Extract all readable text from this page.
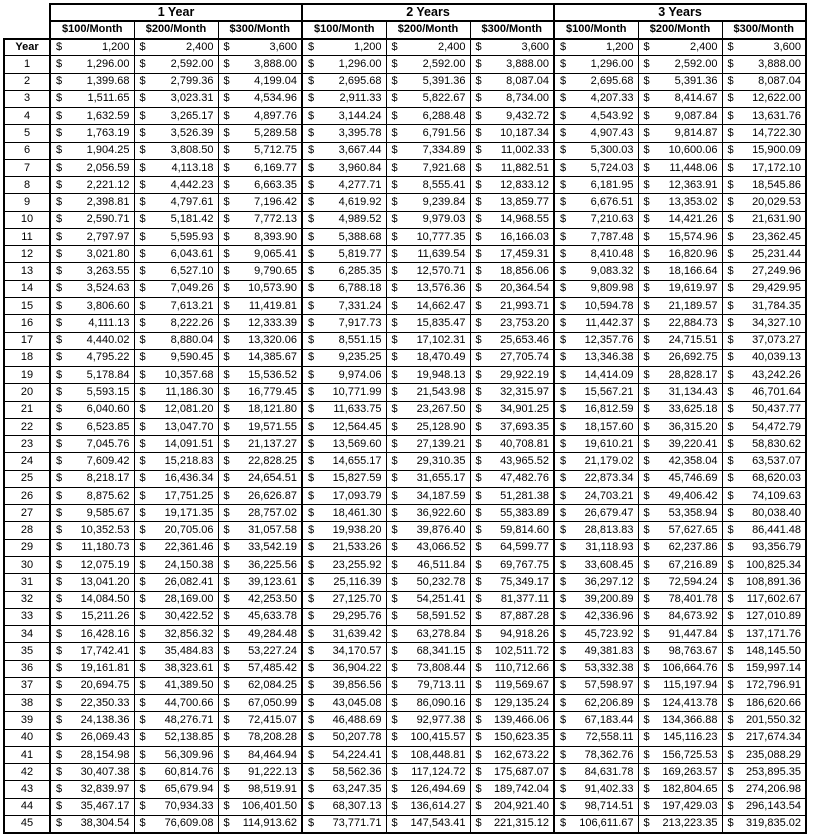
	1 Year			2 Years			3 Years		
	$100/Month	$200/Month	$300/Month	$100/Month	$200/Month	$300/Month	$100/Month	$200/Month	$300/Month
Year	$ 1,200	$ 2,400	$ 3,600	$ 1,200	$ 2,400	$ 3,600	$ 1,200	$ 2,400	$ 3,600
1	$ 1,296.00	$ 2,592.00	$ 3,888.00	$ 1,296.00	$ 2,592.00	$ 3,888.00	$ 1,296.00	$ 2,592.00	$ 3,888.00
2	$ 1,399.68	$ 2,799.36	$ 4,199.04	$ 2,695.68	$ 5,391.36	$ 8,087.04	$ 2,695.68	$ 5,391.36	$ 8,087.04
3	$ 1,511.65	$ 3,023.31	$ 4,534.96	$ 2,911.33	$ 5,822.67	$ 8,734.00	$ 4,207.33	$ 8,414.67	$ 12,622.00
4	$ 1,632.59	$ 3,265.17	$ 4,897.76	$ 3,144.24	$ 6,288.48	$ 9,432.72	$ 4,543.92	$ 9,087.84	$ 13,631.76
5	$ 1,763.19	$ 3,526.39	$ 5,289.58	$ 3,395.78	$ 6,791.56	$ 10,187.34	$ 4,907.43	$ 9,814.87	$ 14,722.30
6	$ 1,904.25	$ 3,808.50	$ 5,712.75	$ 3,667.44	$ 7,334.89	$ 11,002.33	$ 5,300.03	$ 10,600.06	$ 15,900.09
7	$ 2,056.59	$ 4,113.18	$ 6,169.77	$ 3,960.84	$ 7,921.68	$ 11,882.51	$ 5,724.03	$ 11,448.06	$ 17,172.10
8	$ 2,221.12	$ 4,442.23	$ 6,663.35	$ 4,277.71	$ 8,555.41	$ 12,833.12	$ 6,181.95	$ 12,363.91	$ 18,545.86
9	$ 2,398.81	$ 4,797.61	$ 7,196.42	$ 4,619.92	$ 9,239.84	$ 13,859.77	$ 6,676.51	$ 13,353.02	$ 20,029.53
10	$ 2,590.71	$ 5,181.42	$ 7,772.13	$ 4,989.52	$ 9,979.03	$ 14,968.55	$ 7,210.63	$ 14,421.26	$ 21,631.90
11	$ 2,797.97	$ 5,595.93	$ 8,393.90	$ 5,388.68	$ 10,777.35	$ 16,166.03	$ 7,787.48	$ 15,574.96	$ 23,362.45
12	$ 3,021.80	$ 6,043.61	$ 9,065.41	$ 5,819.77	$ 11,639.54	$ 17,459.31	$ 8,410.48	$ 16,820.96	$ 25,231.44
13	$ 3,263.55	$ 6,527.10	$ 9,790.65	$ 6,285.35	$ 12,570.71	$ 18,856.06	$ 9,083.32	$ 18,166.64	$ 27,249.96
14	$ 3,524.63	$ 7,049.26	$ 10,573.90	$ 6,788.18	$ 13,576.36	$ 20,364.54	$ 9,809.98	$ 19,619.97	$ 29,429.95
15	$ 3,806.60	$ 7,613.21	$ 11,419.81	$ 7,331.24	$ 14,662.47	$ 21,993.71	$ 10,594.78	$ 21,189.57	$ 31,784.35
16	$ 4,111.13	$ 8,222.26	$ 12,333.39	$ 7,917.73	$ 15,835.47	$ 23,753.20	$ 11,442.37	$ 22,884.73	$ 34,327.10
17	$ 4,440.02	$ 8,880.04	$ 13,320.06	$ 8,551.15	$ 17,102.31	$ 25,653.46	$ 12,357.76	$ 24,715.51	$ 37,073.27
18	$ 4,795.22	$ 9,590.45	$ 14,385.67	$ 9,235.25	$ 18,470.49	$ 27,705.74	$ 13,346.38	$ 26,692.75	$ 40,039.13
19	$ 5,178.84	$ 10,357.68	$ 15,536.52	$ 9,974.06	$ 19,948.13	$ 29,922.19	$ 14,414.09	$ 28,828.17	$ 43,242.26
20	$ 5,593.15	$ 11,186.30	$ 16,779.45	$ 10,771.99	$ 21,543.98	$ 32,315.97	$ 15,567.21	$ 31,134.43	$ 46,701.64
21	$ 6,040.60	$ 12,081.20	$ 18,121.80	$ 11,633.75	$ 23,267.50	$ 34,901.25	$ 16,812.59	$ 33,625.18	$ 50,437.77
22	$ 6,523.85	$ 13,047.70	$ 19,571.55	$ 12,564.45	$ 25,128.90	$ 37,693.35	$ 18,157.60	$ 36,315.20	$ 54,472.79
23	$ 7,045.76	$ 14,091.51	$ 21,137.27	$ 13,569.60	$ 27,139.21	$ 40,708.81	$ 19,610.21	$ 39,220.41	$ 58,830.62
24	$ 7,609.42	$ 15,218.83	$ 22,828.25	$ 14,655.17	$ 29,310.35	$ 43,965.52	$ 21,179.02	$ 42,358.04	$ 63,537.07
25	$ 8,218.17	$ 16,436.34	$ 24,654.51	$ 15,827.59	$ 31,655.17	$ 47,482.76	$ 22,873.34	$ 45,746.69	$ 68,620.03
26	$ 8,875.62	$ 17,751.25	$ 26,626.87	$ 17,093.79	$ 34,187.59	$ 51,281.38	$ 24,703.21	$ 49,406.42	$ 74,109.63
27	$ 9,585.67	$ 19,171.35	$ 28,757.02	$ 18,461.30	$ 36,922.60	$ 55,383.89	$ 26,679.47	$ 53,358.94	$ 80,038.40
28	$ 10,352.53	$ 20,705.06	$ 31,057.58	$ 19,938.20	$ 39,876.40	$ 59,814.60	$ 28,813.83	$ 57,627.65	$ 86,441.48
29	$ 11,180.73	$ 22,361.46	$ 33,542.19	$ 21,533.26	$ 43,066.52	$ 64,599.77	$ 31,118.93	$ 62,237.86	$ 93,356.79
30	$ 12,075.19	$ 24,150.38	$ 36,225.56	$ 23,255.92	$ 46,511.84	$ 69,767.75	$ 33,608.45	$ 67,216.89	$ 100,825.34
31	$ 13,041.20	$ 26,082.41	$ 39,123.61	$ 25,116.39	$ 50,232.78	$ 75,349.17	$ 36,297.12	$ 72,594.24	$ 108,891.36
32	$ 14,084.50	$ 28,169.00	$ 42,253.50	$ 27,125.70	$ 54,251.41	$ 81,377.11	$ 39,200.89	$ 78,401.78	$ 117,602.67
33	$ 15,211.26	$ 30,422.52	$ 45,633.78	$ 29,295.76	$ 58,591.52	$ 87,887.28	$ 42,336.96	$ 84,673.92	$ 127,010.89
34	$ 16,428.16	$ 32,856.32	$ 49,284.48	$ 31,639.42	$ 63,278.84	$ 94,918.26	$ 45,723.92	$ 91,447.84	$ 137,171.76
35	$ 17,742.41	$ 35,484.83	$ 53,227.24	$ 34,170.57	$ 68,341.15	$ 102,511.72	$ 49,381.83	$ 98,763.67	$ 148,145.50
36	$ 19,161.81	$ 38,323.61	$ 57,485.42	$ 36,904.22	$ 73,808.44	$ 110,712.66	$ 53,332.38	$ 106,664.76	$ 159,997.14
37	$ 20,694.75	$ 41,389.50	$ 62,084.25	$ 39,856.56	$ 79,713.11	$ 119,569.67	$ 57,598.97	$ 115,197.94	$ 172,796.91
38	$ 22,350.33	$ 44,700.66	$ 67,050.99	$ 43,045.08	$ 86,090.16	$ 129,135.24	$ 62,206.89	$ 124,413.78	$ 186,620.66
39	$ 24,138.36	$ 48,276.71	$ 72,415.07	$ 46,488.69	$ 92,977.38	$ 139,466.06	$ 67,183.44	$ 134,366.88	$ 201,550.32
40	$ 26,069.43	$ 52,138.85	$ 78,208.28	$ 50,207.78	$ 100,415.57	$ 150,623.35	$ 72,558.11	$ 145,116.23	$ 217,674.34
41	$ 28,154.98	$ 56,309.96	$ 84,464.94	$ 54,224.41	$ 108,448.81	$ 162,673.22	$ 78,362.76	$ 156,725.53	$ 235,088.29
42	$ 30,407.38	$ 60,814.76	$ 91,222.13	$ 58,562.36	$ 117,124.72	$ 175,687.07	$ 84,631.78	$ 169,263.57	$ 253,895.35
43	$ 32,839.97	$ 65,679.94	$ 98,519.91	$ 63,247.35	$ 126,494.69	$ 189,742.04	$ 91,402.33	$ 182,804.65	$ 274,206.98
44	$ 35,467.17	$ 70,934.33	$ 106,401.50	$ 68,307.13	$ 136,614.27	$ 204,921.40	$ 98,714.51	$ 197,429.03	$ 296,143.54
45	$ 38,304.54	$ 76,609.08	$ 114,913.62	$ 73,771.71	$ 147,543.41	$ 221,315.12	$ 106,611.67	$ 213,223.35	$ 319,835.02
